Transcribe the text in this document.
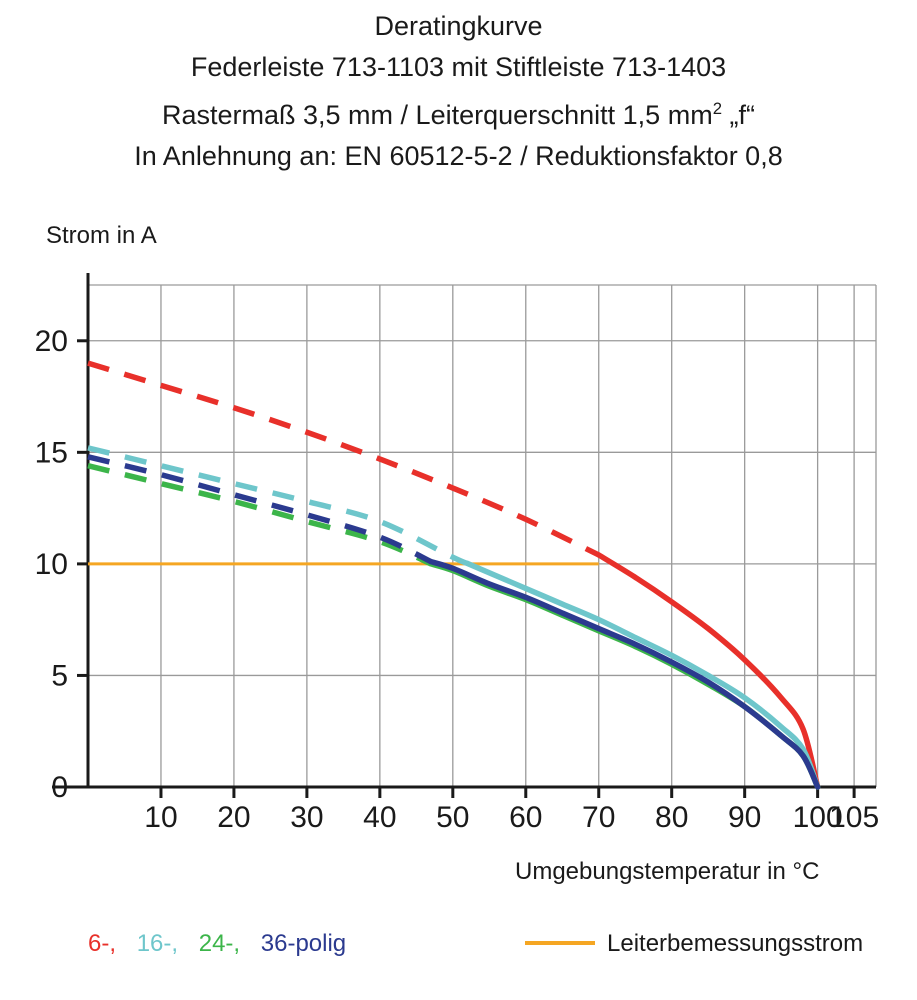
Deratingkurve
Federleiste 713-1103 mit Stiftleiste 713-1403
Rastermaß 3,5 mm / Leiterquerschnitt 1,5 $mm^2$ „f“
In Anlehnung an: EN 60512-5-2 / Reduktionsfaktor 0,8
Strom in A
Umgebungstemperatur in °C
0
5
10
15
20
10 20 30 40 50 60 70 80 90 100
105
6-, 16-, 24-, 36-polig	Leiterbemessungsstrom
